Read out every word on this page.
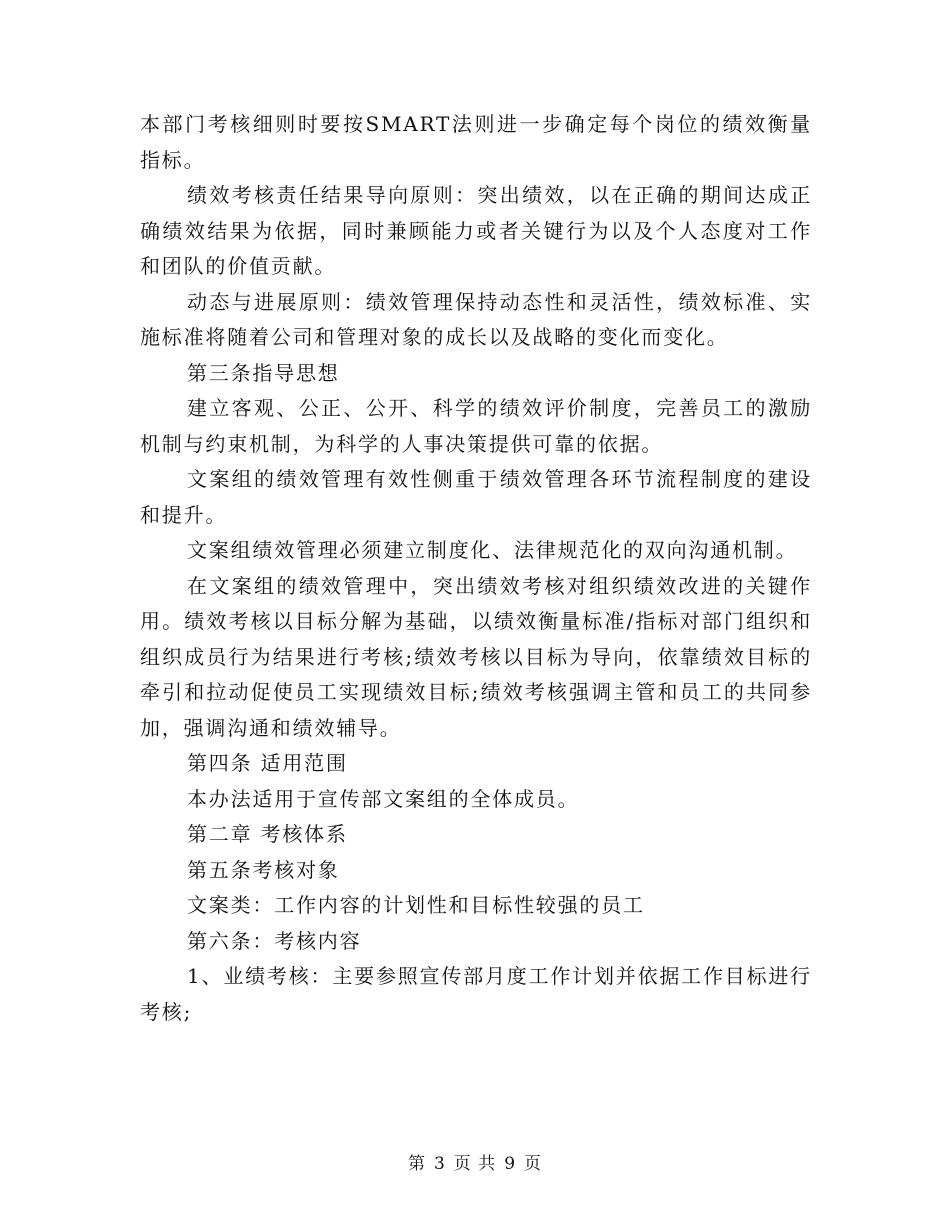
本部门考核细则时要按SMART法则进一步确定每个岗位的绩效衡量指标。

绩效考核责任结果导向原则：突出绩效，以在正确的期间达成正确绩效结果为依据，同时兼顾能力或者关键行为以及个人态度对工作和团队的价值贡献。

动态与进展原则：绩效管理保持动态性和灵活性，绩效标准、实施标准将随着公司和管理对象的成长以及战略的变化而变化。

第三条指导思想

建立客观、公正、公开、科学的绩效评价制度，完善员工的激励机制与约束机制，为科学的人事决策提供可靠的依据。

文案组的绩效管理有效性侧重于绩效管理各环节流程制度的建设和提升。

文案组绩效管理必须建立制度化、法律规范化的双向沟通机制。

在文案组的绩效管理中，突出绩效考核对组织绩效改进的关键作用。绩效考核以目标分解为基础，以绩效衡量标准/指标对部门组织和组织成员行为结果进行考核;绩效考核以目标为导向，依靠绩效目标的牵引和拉动促使员工实现绩效目标;绩效考核强调主管和员工的共同参加，强调沟通和绩效辅导。

第四条 适用范围

本办法适用于宣传部文案组的全体成员。

第二章 考核体系

第五条考核对象

文案类：工作内容的计划性和目标性较强的员工

第六条：考核内容

1、业绩考核：主要参照宣传部月度工作计划并依据工作目标进行考核;

第 3 页 共 9 页
